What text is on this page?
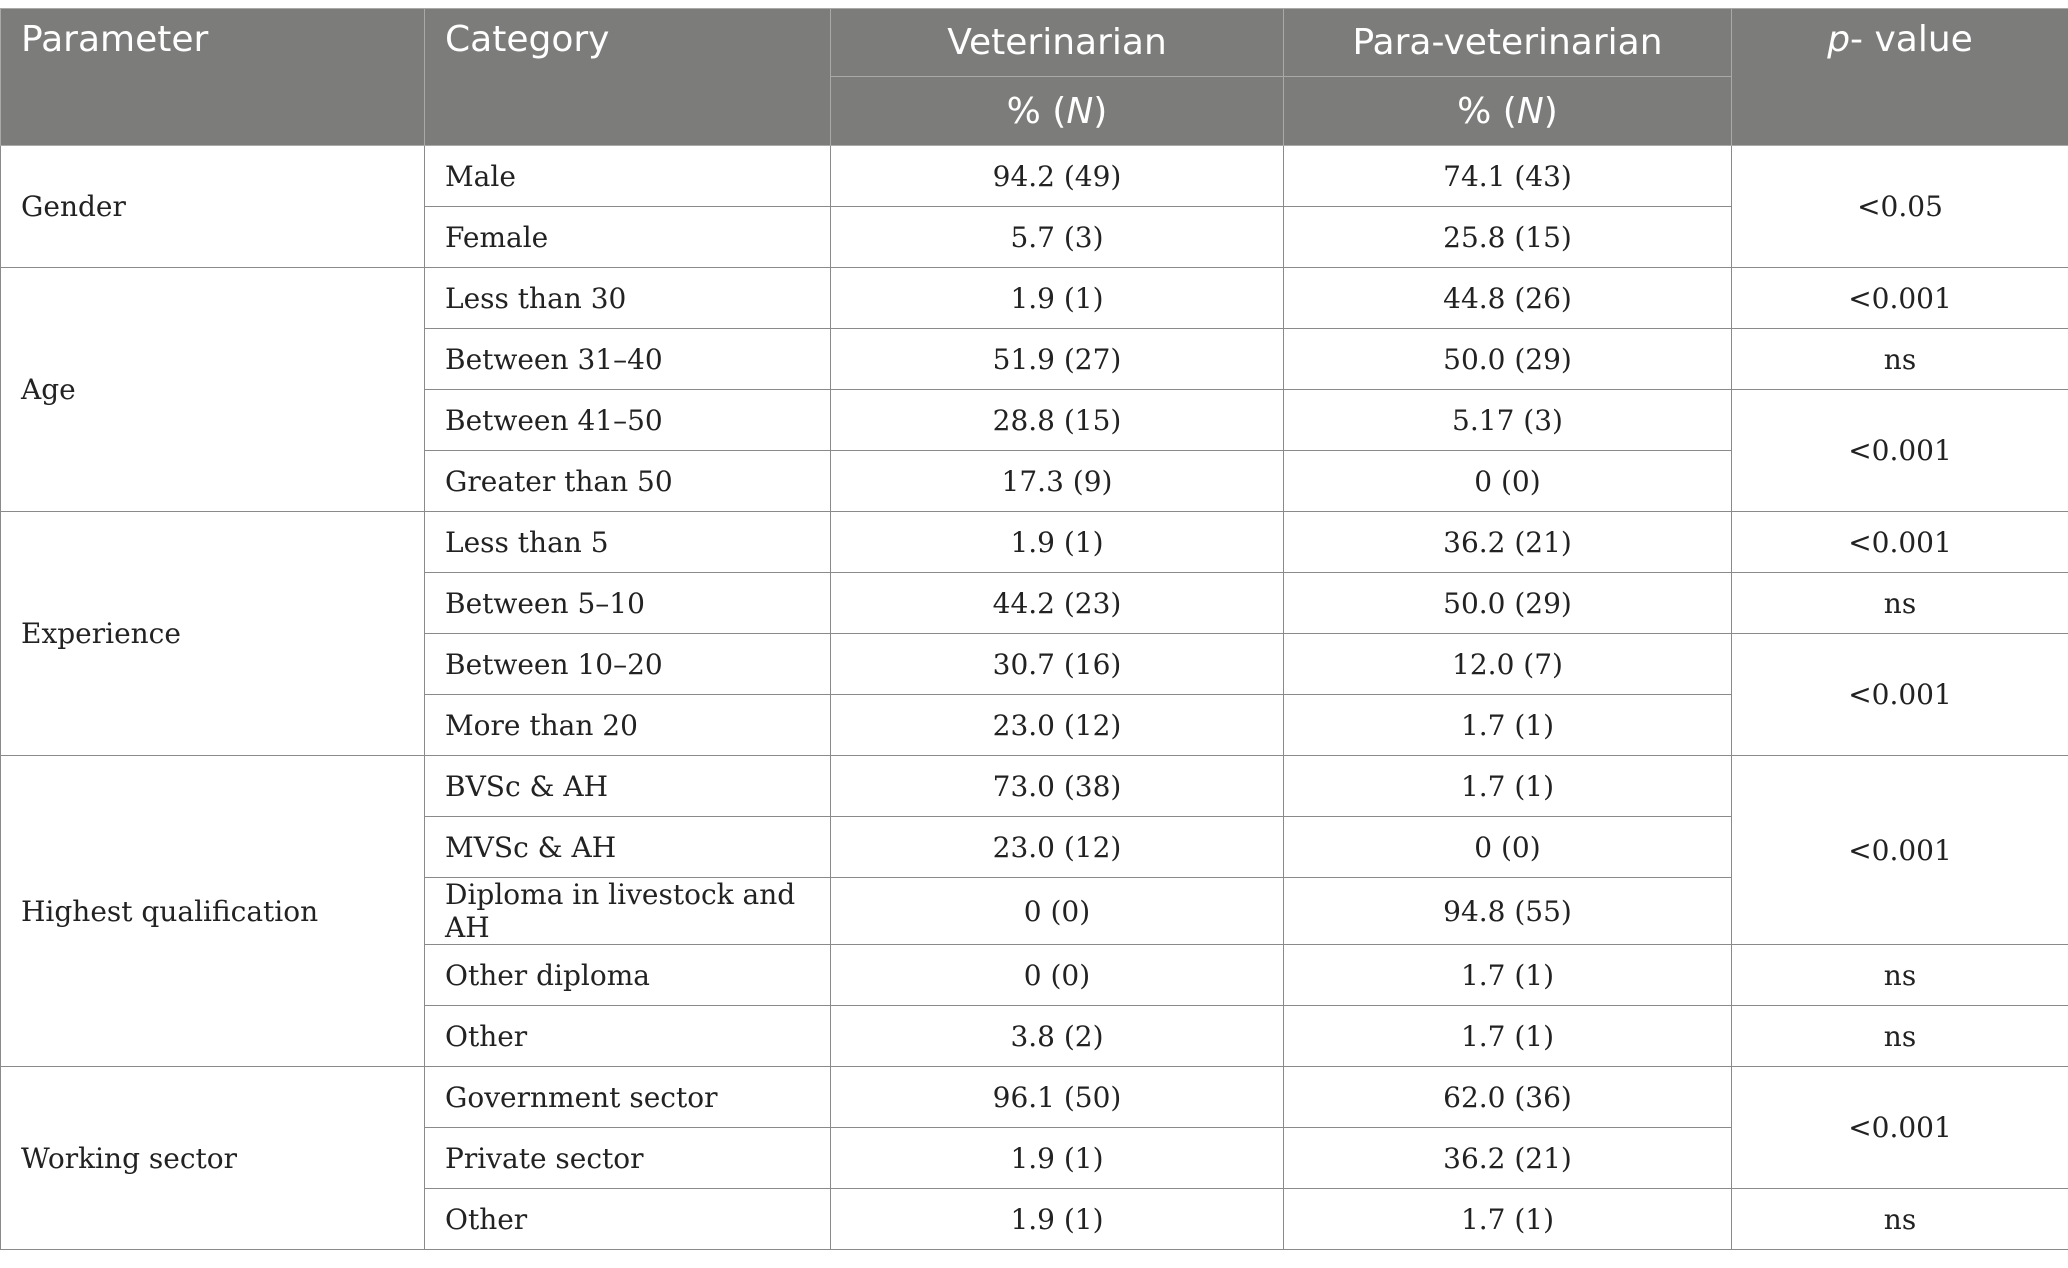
Parameter	Category	Veterinarian	Para-veterinarian	p- value
		% (N)	% (N)	
Gender	Male	94.2 (49)	74.1 (43)	<0.05
	Female	5.7 (3)	25.8 (15)	
Age	Less than 30	1.9 (1)	44.8 (26)	<0.001
	Between 31–40	51.9 (27)	50.0 (29)	ns
	Between 41–50	28.8 (15)	5.17 (3)	<0.001
	Greater than 50	17.3 (9)	0 (0)	
Experience	Less than 5	1.9 (1)	36.2 (21)	<0.001
	Between 5–10	44.2 (23)	50.0 (29)	ns
	Between 10–20	30.7 (16)	12.0 (7)	<0.001
	More than 20	23.0 (12)	1.7 (1)	
Highest qualification	BVSc & AH	73.0 (38)	1.7 (1)	<0.001
	MVSc & AH	23.0 (12)	0 (0)	
	Diploma in livestock and AH	0 (0)	94.8 (55)	
	Other diploma	0 (0)	1.7 (1)	ns
	Other	3.8 (2)	1.7 (1)	ns
Working sector	Government sector	96.1 (50)	62.0 (36)	<0.001
	Private sector	1.9 (1)	36.2 (21)	
	Other	1.9 (1)	1.7 (1)	ns
